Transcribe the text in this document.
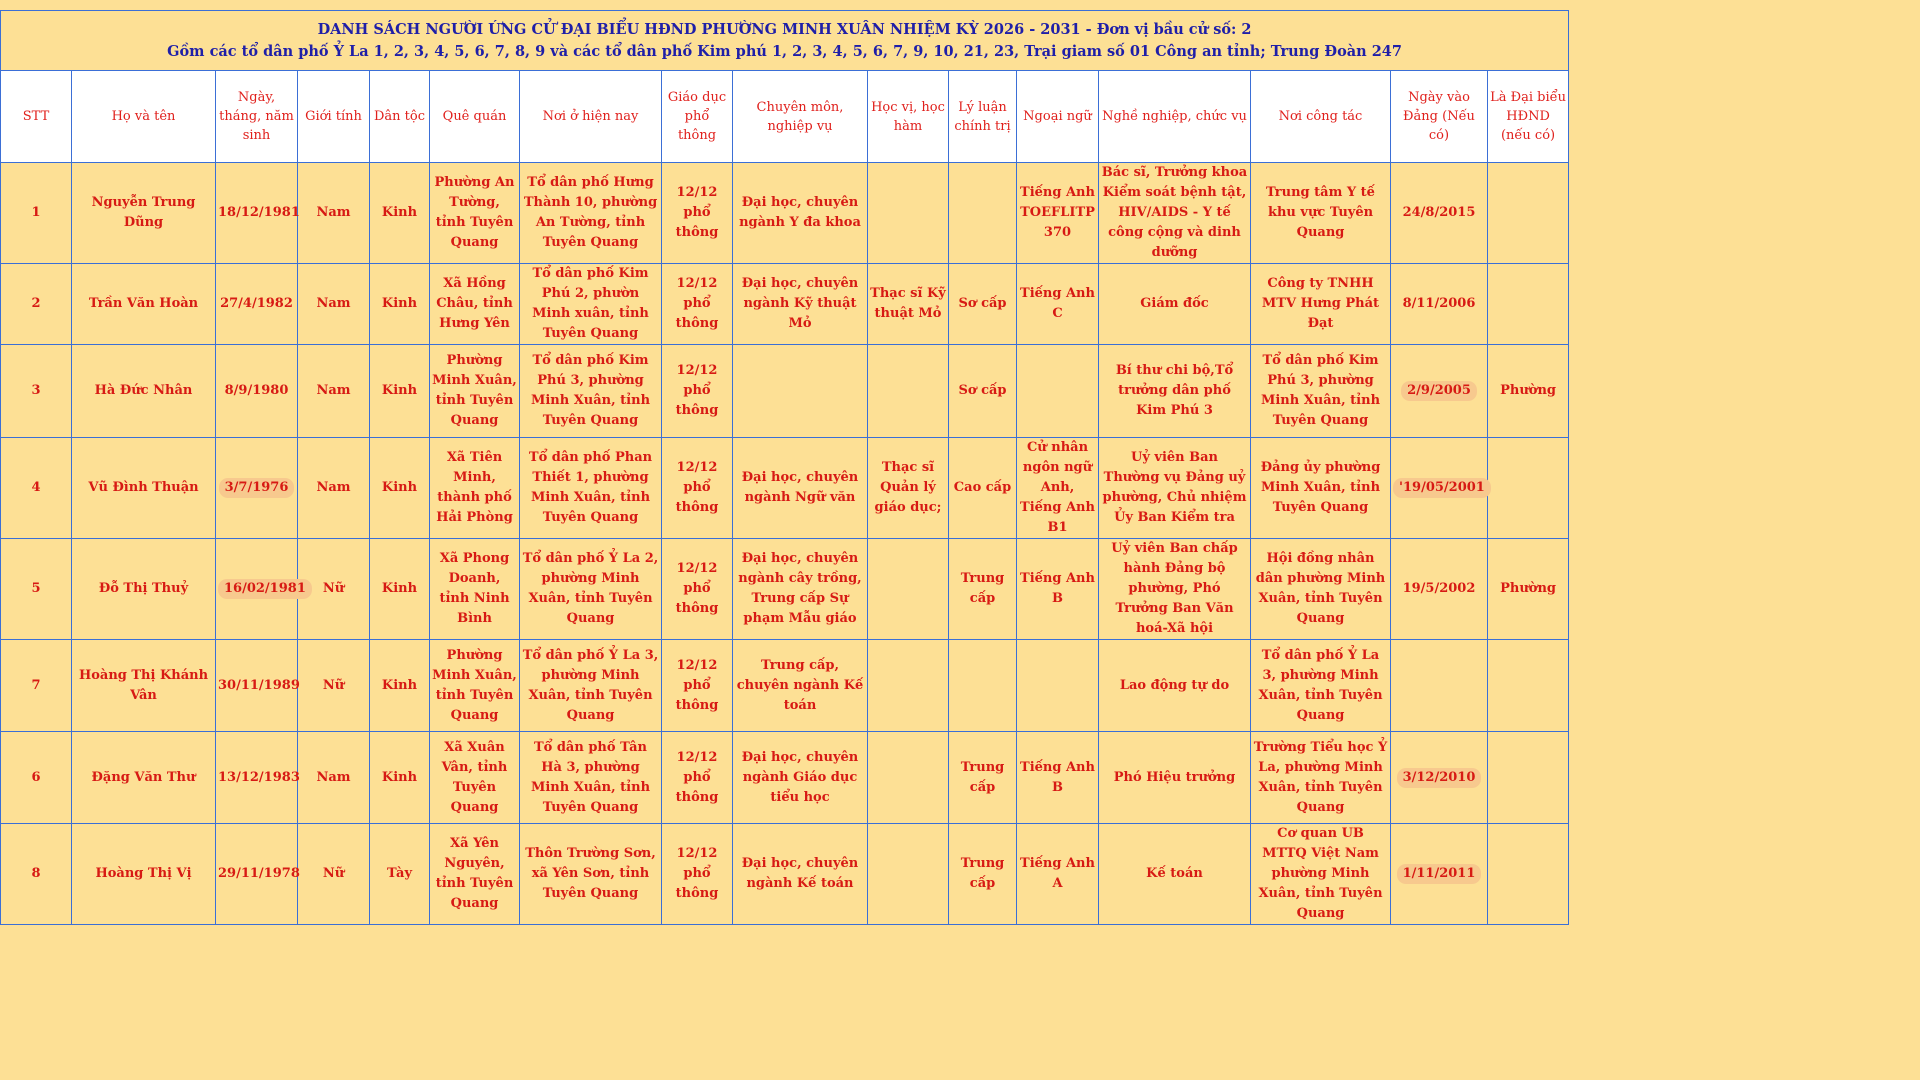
DANH SÁCH NGƯỜI ỨNG CỬ ĐẠI BIỂU HĐND PHƯỜNG MINH XUÂN NHIỆM KỲ 2026 - 2031 - Đơn vị bầu cử số: 2
Gồm các tổ dân phố Ỷ La 1, 2, 3, 4, 5, 6, 7, 8, 9 và các tổ dân phố Kim phú 1, 2, 3, 4, 5, 6, 7, 9, 10, 21, 23, Trại giam số 01 Công an tỉnh; Trung Đoàn 247															

STT	Họ và tên	Ngày, tháng, năm sinh	Giới tính	Dân tộc	Quê quán	Nơi ở hiện nay	Giáo dục phổ thông	Chuyên môn, nghiệp vụ	Học vị, học hàm	Lý luận chính trị	Ngoại ngữ	Nghề nghiệp, chức vụ	Nơi công tác	Ngày vào Đảng (Nếu có)	Là Đại biểu HĐND (nếu có)
1	Nguyễn Trung Dũng	18/12/1981	Nam	Kinh	Phường An Tường, tỉnh Tuyên Quang	Tổ dân phố Hưng Thành 10, phường An Tường, tỉnh Tuyên Quang	12/12 phổ thông	Đại học, chuyên ngành Y đa khoa			Tiếng Anh TOEFLITP 370	Bác sĩ, Trưởng khoa Kiểm soát bệnh tật, HIV/AIDS - Y tế công cộng và dinh dưỡng	Trung tâm Y tế khu vực Tuyên Quang	24/8/2015	
2	Trần Văn Hoàn	27/4/1982	Nam	Kinh	Xã Hồng Châu, tỉnh Hưng Yên	Tổ dân phố Kim Phú 2, phườn Minh xuân, tỉnh Tuyên Quang	12/12 phổ thông	Đại học, chuyên ngành Kỹ thuật Mỏ	Thạc sĩ Kỹ thuật Mỏ	Sơ cấp	Tiếng Anh C	Giám đốc	Công ty TNHH MTV Hưng Phát Đạt	8/11/2006	
3	Hà Đức Nhân	8/9/1980	Nam	Kinh	Phường Minh Xuân, tỉnh Tuyên Quang	Tổ dân phố Kim Phú 3, phường Minh Xuân, tỉnh Tuyên Quang	12/12 phổ thông			Sơ cấp		Bí thư chi bộ,Tổ trưởng dân phố Kim Phú 3	Tổ dân phố Kim Phú 3, phường Minh Xuân, tỉnh Tuyên Quang	2/9/2005	Phường
4	Vũ Đình Thuận	3/7/1976	Nam	Kinh	Xã Tiên Minh, thành phố Hải Phòng	Tổ dân phố Phan Thiết 1, phường Minh Xuân, tỉnh Tuyên Quang	12/12 phổ thông	Đại học, chuyên ngành Ngữ văn	Thạc sĩ Quản lý giáo dục;	Cao cấp	Cử nhân ngôn ngữ Anh, Tiếng Anh B1	Uỷ viên Ban Thường vụ Đảng uỷ phường, Chủ nhiệm Ủy Ban Kiểm tra	Đảng ủy phường Minh Xuân, tỉnh Tuyên Quang	'19/05/2001	
5	Đỗ Thị Thuỷ	16/02/1981	Nữ	Kinh	Xã Phong Doanh, tỉnh Ninh Bình	Tổ dân phố Ỷ La 2, phường Minh Xuân, tỉnh Tuyên Quang	12/12 phổ thông	Đại học, chuyên ngành cây trồng, Trung cấp Sự phạm Mẫu giáo		Trung cấp	Tiếng Anh B	Uỷ viên Ban chấp hành Đảng bộ phường, Phó Trưởng Ban Văn hoá-Xã hội	Hội đồng nhân dân phường Minh Xuân, tỉnh Tuyên Quang	19/5/2002	Phường
7	Hoàng Thị Khánh Vân	30/11/1989	Nữ	Kinh	Phường Minh Xuân, tỉnh Tuyên Quang	Tổ dân phố Ỷ La 3, phường Minh Xuân, tỉnh Tuyên Quang	12/12 phổ thông	Trung cấp, chuyên ngành Kế toán				Lao động tự do	Tổ dân phố Ỷ La 3, phường Minh Xuân, tỉnh Tuyên Quang		
6	Đặng Văn Thư	13/12/1983	Nam	Kinh	Xã Xuân Vân, tỉnh Tuyên Quang	Tổ dân phố Tân Hà 3, phường Minh Xuân, tỉnh Tuyên Quang	12/12 phổ thông	Đại học, chuyên ngành Giáo dục tiểu học		Trung cấp	Tiếng Anh B	Phó Hiệu trưởng	Trường Tiểu học Ỷ La, phường Minh Xuân, tỉnh Tuyên Quang	3/12/2010	
8	Hoàng Thị Vị	29/11/1978	Nữ	Tày	Xã Yên Nguyên, tỉnh Tuyên Quang	Thôn Trường Sơn, xã Yên Sơn, tỉnh Tuyên Quang	12/12 phổ thông	Đại học, chuyên ngành Kế toán		Trung cấp	Tiếng Anh A	Kế toán	Cơ quan UB MTTQ Việt Nam phường Minh Xuân, tỉnh Tuyên Quang	1/11/2011	
